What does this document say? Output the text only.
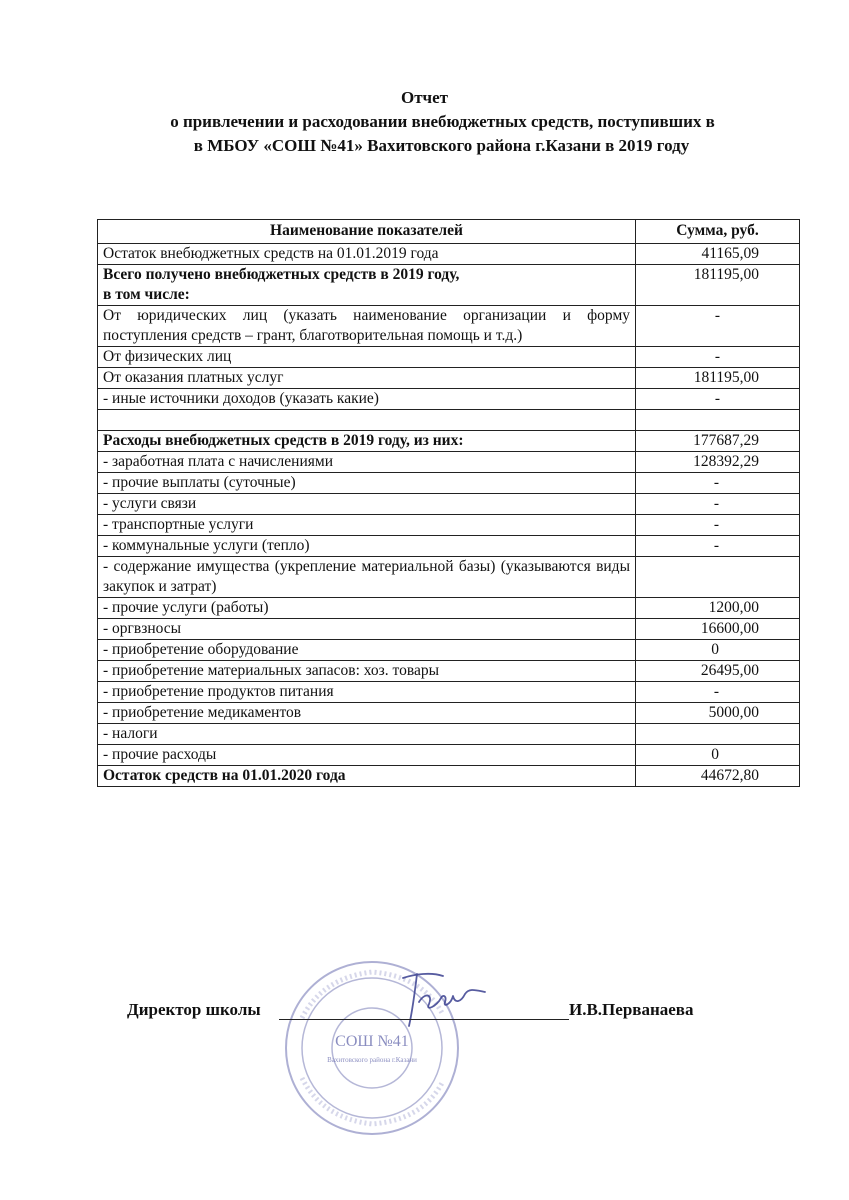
Отчет
о привлечении и расходовании внебюджетных средств, поступивших в
в МБОУ «СОШ №41» Вахитовского района г.Казани в 2019 году
Наименование показателей	Сумма, руб.
Остаток внебюджетных средств на 01.01.2019 года	41165,09
Всего получено внебюджетных средств в 2019 году,
в том числе:	181195,00
От юридических лиц (указать наименование организации и форму поступления средств – грант, благотворительная помощь и т.д.)	-
От физических лиц	-
От оказания платных услуг	181195,00
- иные источники доходов (указать какие)	-

Расходы внебюджетных средств в 2019 году, из них:	177687,29
- заработная плата с начислениями	128392,29
- прочие выплаты (суточные)	-
- услуги связи	-
- транспортные услуги	-
- коммунальные услуги (тепло)	-
- содержание имущества (укрепление материальной базы) (указываются виды закупок и затрат)	
- прочие услуги (работы)	1200,00
- оргвзносы	16600,00
- приобретение оборудование	0
- приобретение материальных запасов: хоз. товары	26495,00
- приобретение продуктов питания	-
- приобретение медикаментов	5000,00
- налоги	
- прочие расходы	0
Остаток средств на 01.01.2020 года	44672,80
СОШ №41
Вахитовского района г.Казани
Директор школы	И.В.Перванаева
